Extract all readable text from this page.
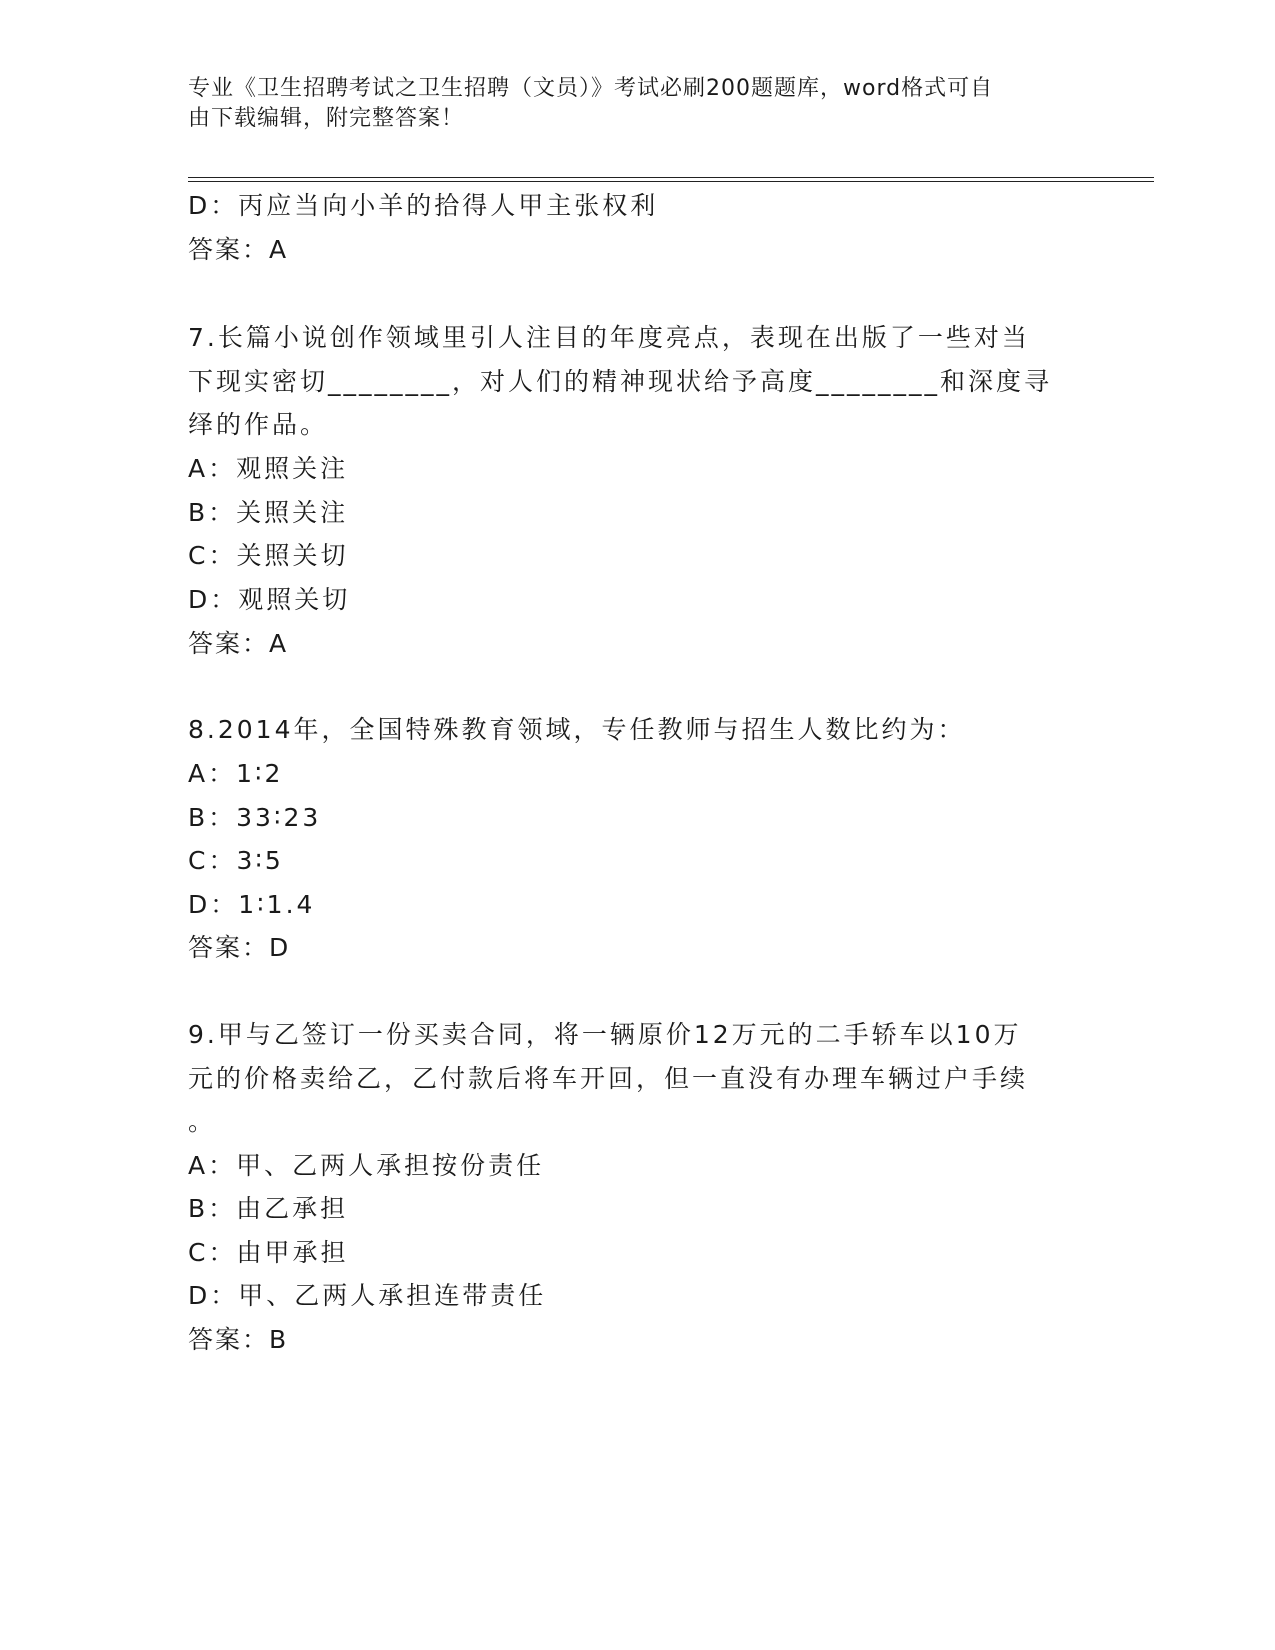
专业《卫生招聘考试之卫生招聘（文员）》考试必刷200题题库，word格式可自
由下载编辑，附完整答案！
D：丙应当向小羊的拾得人甲主张权利
答案：A
7.长篇小说创作领域里引人注目的年度亮点，表现在出版了一些对当
下现实密切________，对人们的精神现状给予高度________和深度寻
绎的作品。
A：观照关注
B：关照关注
C：关照关切
D：观照关切
答案：A
8.2014年，全国特殊教育领域，专任教师与招生人数比约为：
A：1∶2
B：33∶23
C：3∶5
D：1∶1.4
答案：D
9.甲与乙签订一份买卖合同，将一辆原价12万元的二手轿车以10万
元的价格卖给乙，乙付款后将车开回，但一直没有办理车辆过户手续
。
A：甲、乙两人承担按份责任
B：由乙承担
C：由甲承担
D：甲、乙两人承担连带责任
答案：B
